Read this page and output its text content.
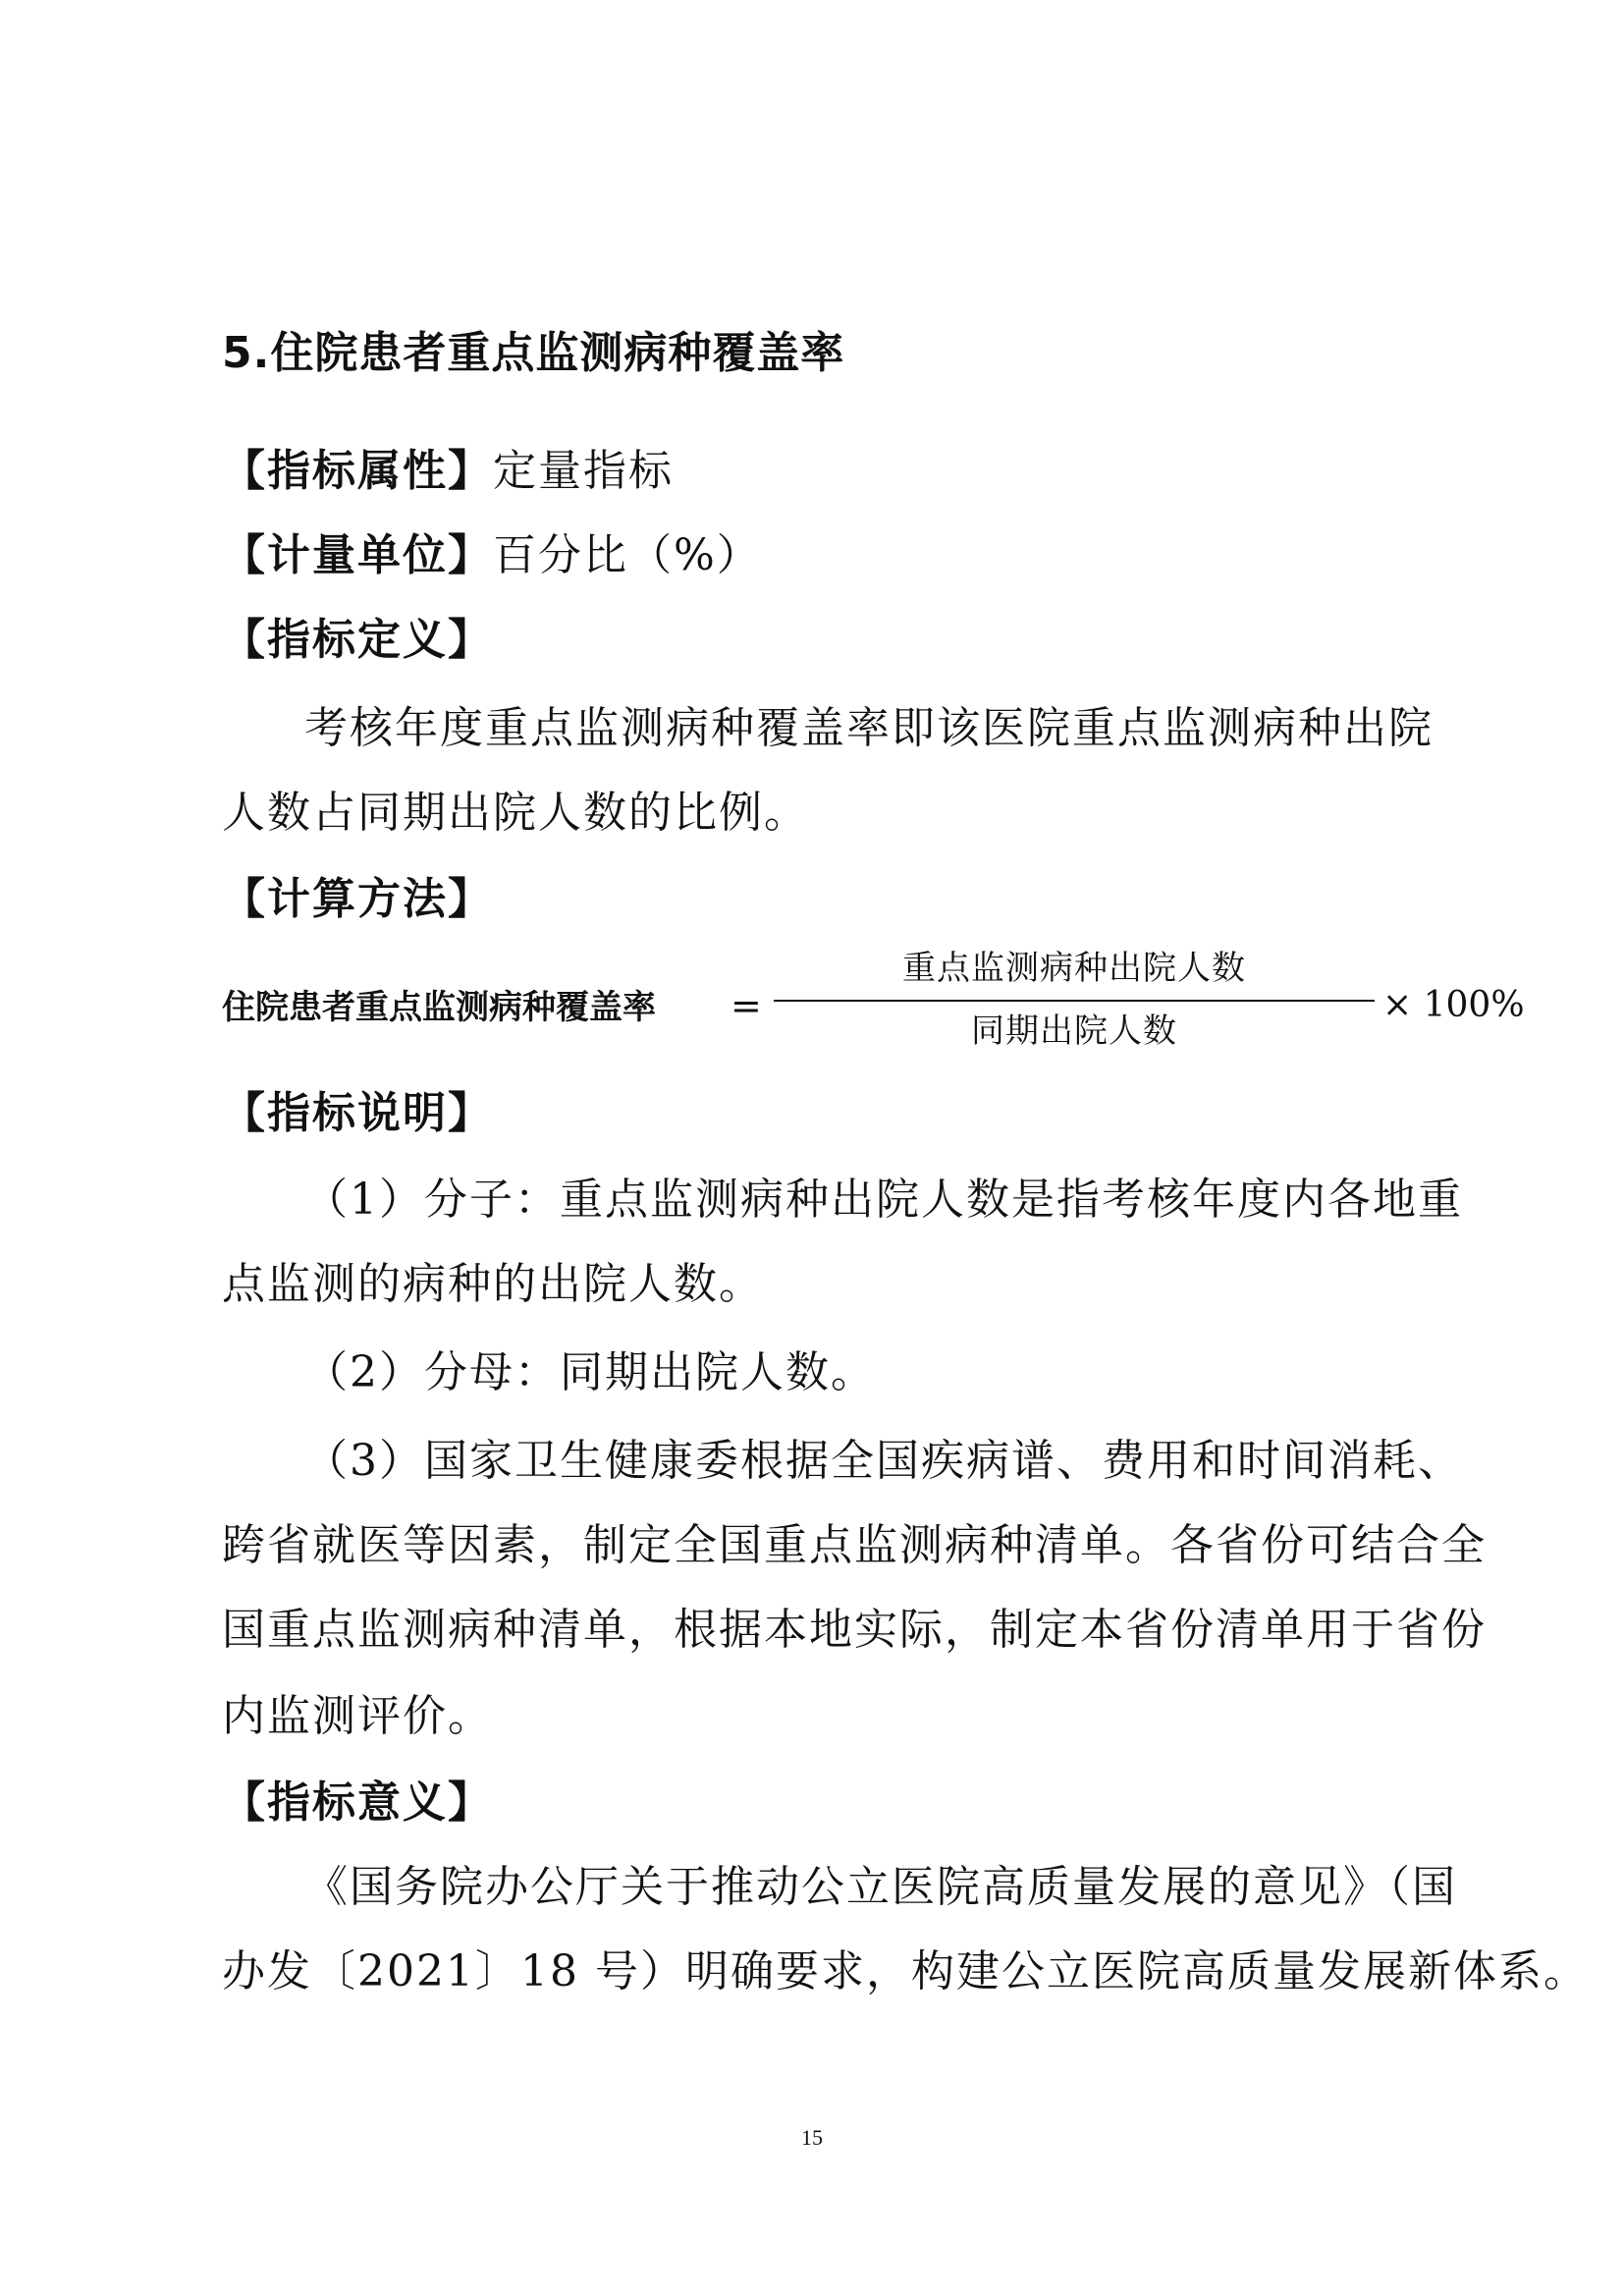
5.住院患者重点监测病种覆盖率
【指标属性】定量指标
【计量单位】百分比（%）
【指标定义】
考核年度重点监测病种覆盖率即该医院重点监测病种出院
人数占同期出院人数的比例。
【计算方法】
住院患者重点监测病种覆盖率 =
重点监测病种出院人数
同期出院人数
× 100%
【指标说明】
（1）分子：重点监测病种出院人数是指考核年度内各地重
点监测的病种的出院人数。
（2）分母：同期出院人数。
（3）国家卫生健康委根据全国疾病谱、费用和时间消耗、
跨省就医等因素，制定全国重点监测病种清单。各省份可结合全
国重点监测病种清单，根据本地实际，制定本省份清单用于省份
内监测评价。
【指标意义】
《国务院办公厅关于推动公立医院高质量发展的意见》（国
办发〔2021〕18 号）明确要求，构建公立医院高质量发展新体系。
15
